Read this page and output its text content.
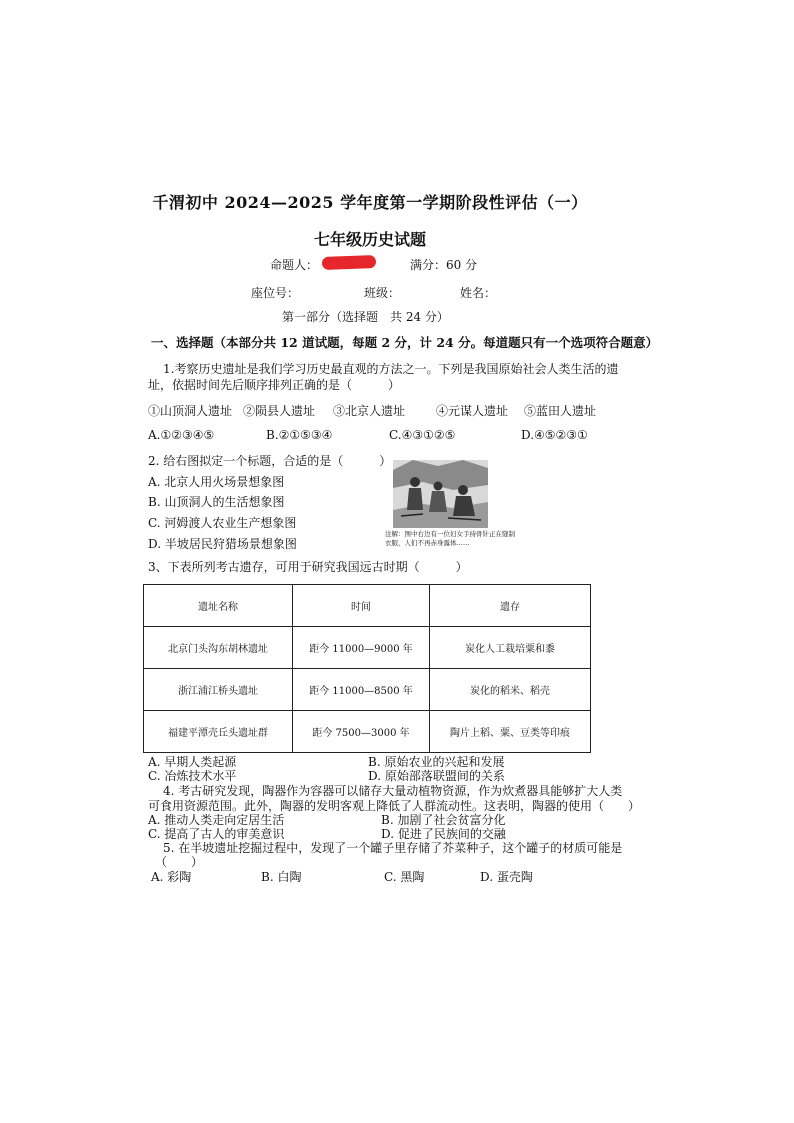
千渭初中 2024—2025 学年度第一学期阶段性评估（一）
七年级历史试题
命题人：	满分：60 分
座位号：	班级：	姓名：
第一部分（选择题　共 24 分）
一、选择题（本部分共 12 道试题，每题 2 分，计 24 分。每道题只有一个选项符合题意）
1.考察历史遗址是我们学习历史最直观的方法之一。下列是我国原始社会人类生活的遗
址，依据时间先后顺序排列正确的是（　　　）
①山顶洞人遗址 ②陨县人遗址 ③北京人遗址	④元谋人遗址 ⑤蓝田人遗址
A.①②③④⑤	B.②①⑤③④	C.④③①②⑤	D.④⑤②③①
2. 给右图拟定一个标题，合适的是（　　　）
A. 北京人用火场景想象图
B. 山顶洞人的生活想象图
C. 河姆渡人农业生产想象图
D. 半坡居民狩猎场景想象图
注解：图中右边有一位妇女手持骨针正在缝制衣服，人们不再赤身露体……
3、下表所列考古遗存，可用于研究我国远古时期（　　　）
遗址名称	时间	遗存
北京门头沟东胡林遗址	距今 11000—9000 年	炭化人工栽培粟和黍
浙江浦江桥头遗址	距今 11000—8500 年	炭化的稻米、稻壳
福建平潭壳丘头遗址群	距今 7500—3000 年	陶片上稻、粟、豆类等印痕
A. 早期人类起源	B. 原始农业的兴起和发展
C. 冶炼技术水平	D. 原始部落联盟间的关系
4. 考古研究发现，陶器作为容器可以储存大量动植物资源，作为炊煮器具能够扩大人类
可食用资源范围。此外，陶器的发明客观上降低了人群流动性。这表明，陶器的使用（　　）
A. 推动人类走向定居生活	B. 加剧了社会贫富分化
C. 提高了古人的审美意识	D. 促进了民族间的交融
5. 在半坡遗址挖掘过程中，发现了一个罐子里存储了芥菜种子，这个罐子的材质可能是
（　　）
A. 彩陶	B. 白陶	C. 黑陶	D. 蛋壳陶
